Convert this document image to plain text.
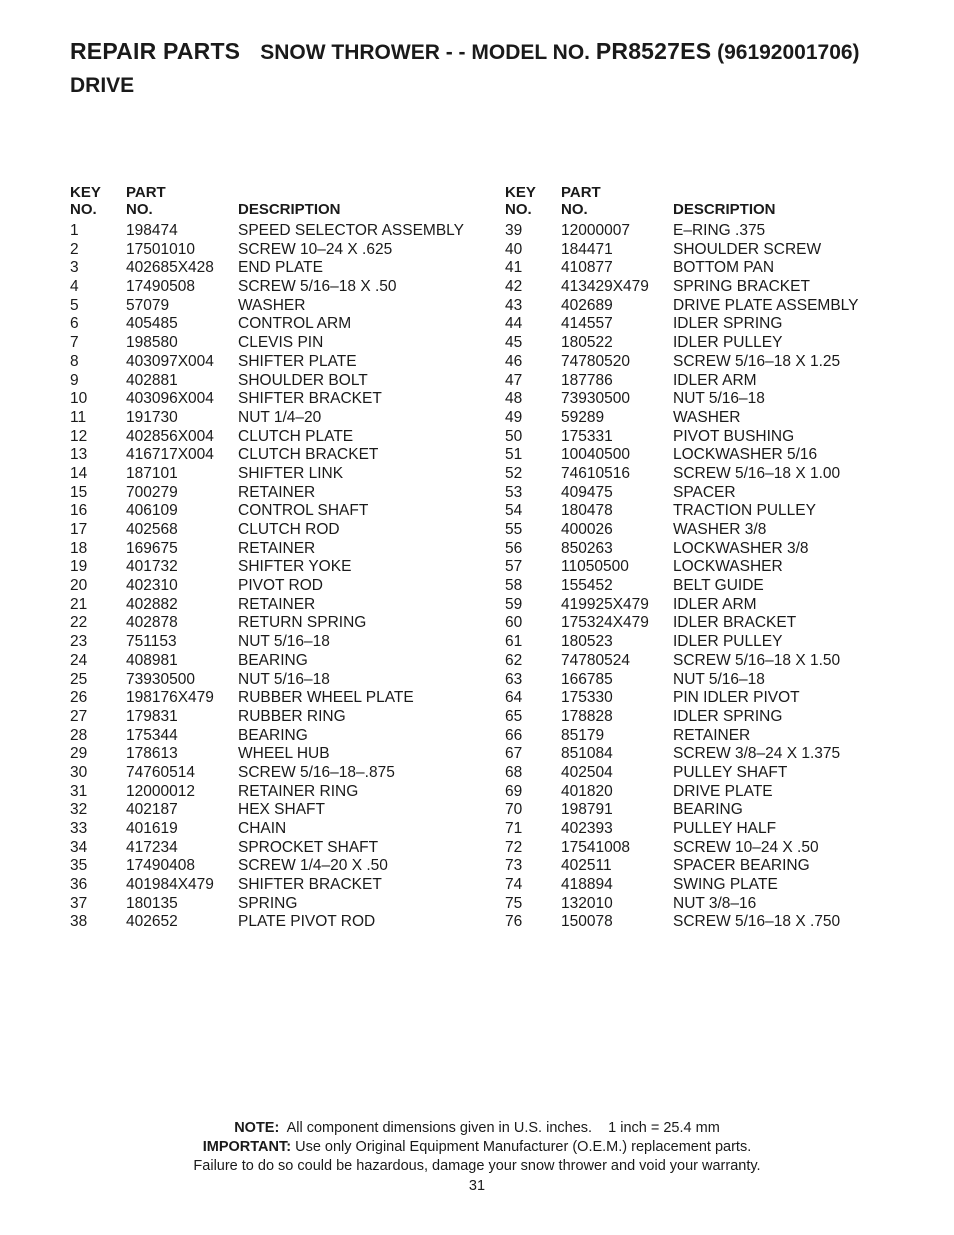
REPAIR PARTS SNOW THROWER - - MODEL NO. PR8527ES (96192001706)
DRIVE
KEY
NO.
PART
NO.	DESCRIPTION
1	198474	SPEED SELECTOR ASSEMBLY
2	17501010	SCREW 10–24 X .625
3	402685X428 END PLATE
4	17490508	SCREW 5/16–18 X .50
5	57079	WASHER
6	405485	CONTROL ARM
7	198580	CLEVIS PIN
8	403097X004 SHIFTER PLATE
9	402881	SHOULDER BOLT
10	403096X004 SHIFTER BRACKET
11	191730	NUT 1/4–20
12	402856X004 CLUTCH PLATE
13	416717X004 CLUTCH BRACKET
14	187101	SHIFTER LINK
15	700279	RETAINER
16	406109	CONTROL SHAFT
17	402568	CLUTCH ROD
18	169675	RETAINER
19	401732	SHIFTER YOKE
20	402310	PIVOT ROD
21	402882	RETAINER
22	402878	RETURN SPRING
23	751153	NUT 5/16–18
24	408981	BEARING
25	73930500	NUT 5/16–18
26	198176X479 RUBBER WHEEL PLATE
27	179831	RUBBER RING
28	175344	BEARING
29	178613	WHEEL HUB
30	74760514	SCREW 5/16–18–.875
31	12000012	RETAINER RING
32	402187	HEX SHAFT
33	401619	CHAIN
34	417234	SPROCKET SHAFT
35	17490408	SCREW 1/4–20 X .50
36	401984X479 SHIFTER BRACKET
37	180135	SPRING
38	402652	PLATE PIVOT ROD
KEY
NO.
PART
NO.	DESCRIPTION
39	12000007	E–RING .375
40	184471	SHOULDER SCREW
41	410877	BOTTOM PAN
42	413429X479 SPRING BRACKET
43	402689	DRIVE PLATE ASSEMBLY
44	414557	IDLER SPRING
45	180522	IDLER PULLEY
46	74780520	SCREW 5/16–18 X 1.25
47	187786	IDLER ARM
48	73930500	NUT 5/16–18
49	59289	WASHER
50	175331	PIVOT BUSHING
51	10040500	LOCKWASHER 5/16
52	74610516	SCREW 5/16–18 X 1.00
53	409475	SPACER
54	180478	TRACTION PULLEY
55	400026	WASHER 3/8
56	850263	LOCKWASHER 3/8
57	11050500	LOCKWASHER
58	155452	BELT GUIDE
59	419925X479 IDLER ARM
60	175324X479 IDLER BRACKET
61	180523	IDLER PULLEY
62	74780524	SCREW 5/16–18 X 1.50
63	166785	NUT 5/16–18
64	175330	PIN IDLER PIVOT
65	178828	IDLER SPRING
66	85179	RETAINER
67	851084	SCREW 3/8–24 X 1.375
68	402504	PULLEY SHAFT
69	401820	DRIVE PLATE
70	198791	BEARING
71	402393	PULLEY HALF
72	17541008	SCREW 10–24 X .50
73	402511	SPACER BEARING
74	418894	SWING PLATE
75	132010	NUT 3/8–16
76	150078	SCREW 5/16–18 X .750
NOTE: All component dimensions given in U.S. inches.    1 inch = 25.4 mm
IMPORTANT: Use only Original Equipment Manufacturer (O.E.M.) replacement parts.
Failure to do so could be hazardous, damage your snow thrower and void your warranty.
31
